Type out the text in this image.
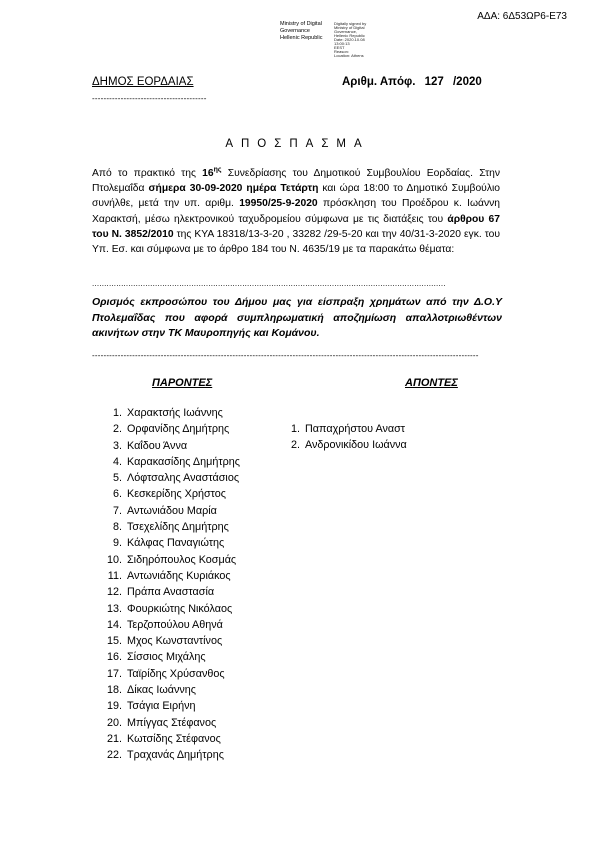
ΑΔΑ: 6Δ53ΩΡ6-Ε73
Ministry of Digital
Governance
Hellenic Republic
Digitally signed by
Ministry of Digital
Governance,
Hellenic Republic
Date: 2020.10.08
13:00:13
EEST
Reason:
Location: Athens
ΔΗΜΟΣ ΕΟΡΔΑΙΑΣ	Αριθμ. Απόφ. 127 /2020
----------------------------------------
ΑΠΟΣΠΑΣΜΑ
Από το πρακτικό της $16^{\eta\varsigma}$ Συνεδρίασης του Δημοτικού Συμβουλίου Εορδαίας. Στην Πτολεμαΐδα σήμερα 30-09-2020 ημέρα Τετάρτη και ώρα 18:00 το Δημοτικό Συμβούλιο συνήλθε, μετά την υπ. αριθμ. 19950/25-9-2020 πρόσκληση του Προέδρου κ. Ιωάννη Χαρακτσή, μέσω ηλεκτρονικού ταχυδρομείου σύμφωνα με τις διατάξεις του άρθρου 67 του Ν. 3852/2010 της ΚΥΑ 18318/13-3-20 , 33282 /29-5-20 και την 40/31-3-2020 εγκ. του Υπ. Εσ. και σύμφωνα με το άρθρο 184 του Ν. 4635/19 με τα παρακάτω θέματα:
..................................................................................................................................................
Ορισμός εκπροσώπου του Δήμου μας για είσπραξη χρημάτων από την Δ.Ο.Υ Πτολεμαΐδας που αφορά συμπληρωματική αποζημίωση απαλλοτριωθέντων ακινήτων στην ΤΚ Μαυροπηγής και Κομάνου.
---------------------------------------------------------------------------------------------------------------------------------------
ΠΑΡΟΝΤΕΣ	ΑΠΟΝΤΕΣ
1. Χαρακτσής Ιωάννης
2. Ορφανίδης Δημήτρης
3. Καΐδου Άννα
4. Καρακασίδης Δημήτρης
5. Λόφτσαλης Αναστάσιος
6. Κεσκερίδης Χρήστος
7. Αντωνιάδου Μαρία
8. Τσεχελίδης Δημήτρης
9. Κάλφας Παναγιώτης
10. Σιδηρόπουλος Κοσμάς
11. Αντωνιάδης Κυριάκος
12. Πράπα Αναστασία
13. Φουρκιώτης Νικόλαος
14. Τερζοπούλου Αθηνά
15. Μχος Κωνσταντίνος
16. Σίσσιος Μιχάλης
17. Ταϊρίδης Χρύσανθος
18. Δίκας Ιωάννης
19. Τσάγια Ειρήνη
20. Μπίγγας Στέφανος
21. Κωτσίδης Στέφανος
22. Τραχανάς Δημήτρης
1. Παπαχρήστου Αναστ
2. Ανδρονικίδου Ιωάννα
